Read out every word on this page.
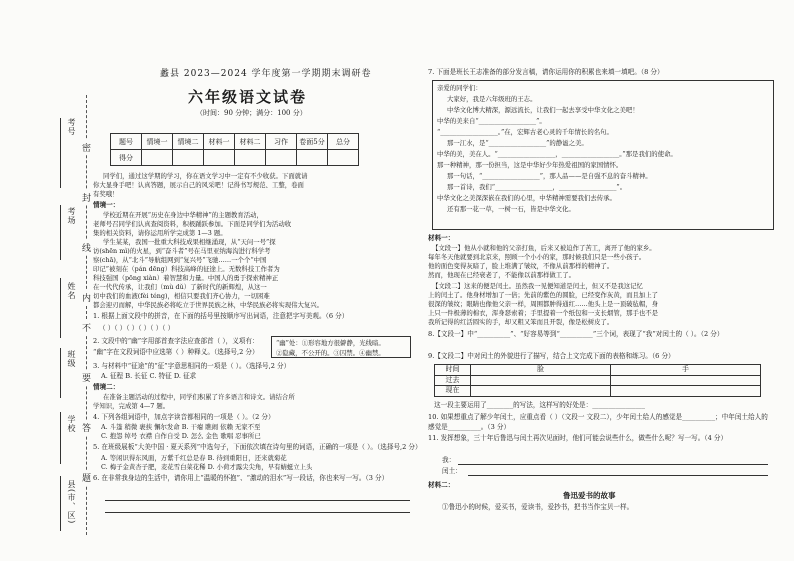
考号
考场
姓名
班级
学校
县(市、区)
密
封
线
内
不
要
答
题
蠡县 2023—2024 学年度第一学期期末调研卷
六年级语文试卷
（时间：90 分钟；满分：100 分）
题号	情境一	情境二	材料一	材料二	习作	卷面5分	总分
得分							
同学们，通过这学期的学习，你在语文学习中一定有不少收获。下面就请
你大显身手吧！认真答题，展示自己的风采吧！记得书写规范、工整，卷面
有奖哦！
情境一：
学校近期在开展“历史在身边中华精神”的主题教育活动，
老师号召同学们认真查阅资料，积极踊跃参加。下面是同学们为活动收
集的相关资料，请你运用所学完成第 1—3 题。
学生某某，我国一批重大科技成果相继涌现，从“天问一号”探
访(shēn mì)的火星，到“奋斗者”号在马里亚纳海沟进行科学考
察(chā)，从“北斗”导航组网到“复兴号”飞驰……一个个“中国
印记”被刻在（pán dēng）科技高峰的征途上。无数科技工作者为
科技强国（pōng xiàn）着智慧和力量。中国人的勇于探索精神正
在一代代传承，让我们（mù dǔ）了新时代的新辉煌，从这一
切中我们的血液(fèi téng)，相信只要我们齐心协力，一切困难
都会迎刃而解，中华民族必将屹立于世界民族之林，中华民族必将实现伟大复兴。
1. 根据上面文段中的拼音，在下面的括号里按顺序写出词语，注意把字写美观。（6 分）
（ ）（ ）（ ）（ ）（ ）（ ）
2. 文段中的“幽”字用部首查字法应查部首（ ），义项有：	“幽”处：①形容地方很僻静，光线暗。
②隐藏，不公开的。③囚禁。④幽禁。
“幽”字在文段词语中应选第（ ）种释义。（选择号,2 分）
3. 与材料中“征途”的“征”字意思相同的一项是（ ）。（选择号,2 分）
A. 征程 B. 长征 C. 特征 D. 征求
情境二：
在准备主题活动的过程中，同学们积累了许多语言和诗文。请结合所
学知识，完成第 4—7 题。
4. 下列各组词语中，加点字读音都相同的一项是（ ）。（2 分）
A. 斗篷 稍微 裹挟 懈尔发命 B. 干瘪 瞧闹 依赖 无家不至
C. 抱怨 绰号 衣襟 自作自受 D. 怎么 金色 歌唱 忍事所已
5. 在班级展板“大美中国 · 夏天系列”中选句子，下面依次填在诗句里的词语，正确的一项是（ ）。（选择号,2 分）
A. 等闲识得东风面，万紫千红总是春 B. 待到重阳日，还来就菊花
C. 梅子金黄杏子肥，麦花雪白菜花稀 D. 小荷才露尖尖角，早有蜻蜓立上头
6. 在非常我身边的生活中，请你用上“温暖的怀抱”、“激动的泪水”写一段话，你也来写一写。（3 分）
7. 下面是班长王志准备的部分发言稿，请你运用你的积累也来填一填吧。（8 分）
亲爱的同学们：
大家好，我是六年级班的王志。
中华文化博大精深，源远流长，让我们一起去享受中华文化之美吧！
中华的美来自“__________________”。
“__________________。”在，宏辉古老心灵的千年情长的名句。
那一江水，是“__________________”的静谧之美。
中华的美，美在人。“__________________，__________________。”那是我们的使命。
那一种精神，那一份担当，这是中华好少年热爱祖国的家国情怀。
那一句话，“__________________”，那人品——是自强不息的奋斗精神。
那一首诗，我们“__________________，__________________”。
中华文化之美深深嵌在我们的心里，中华精神需要我们去传承。
还有那一花一草，一树一石，皆是中华文化。
材料一：
【文段一】他从小就和他的父亲打鱼，后来又被迫作了苦工，离开了他的家乡。
每年冬天他就要到北京来，照顾一个小小的家，那时候我们只是一些小孩子。
他的面色变得灰暗了，脸上堆满了皱纹，不像从前那样的精神了。
然而，他现在已经衰老了，不能像以前那样做工了。
【文段二】这来的便是闰土。虽然我一见便知道是闰土，但又不是我这记忆
上的闰土了。他身材增加了一倍；先前的紫色的圆脸，已经变作灰黄，而且加上了
很深的皱纹；眼睛也像他父亲一样，周围都肿得通红……他头上是一顶破毡帽，身
上只一件极薄的棉衣，浑身瑟索着；手里提着一个纸包和一支长烟管，那手也不是
我所记得的红活圆实的手，却又粗又笨而且开裂，像是松树皮了。
8.【文段一】中“__________”、“好容易等到“__________”三个词，表现了“我”对闰土的（ ）。（2 分）
9.【文段二】中对闰土的外貌进行了描写，结合上文完成下面的表格和练习。（6 分）
时间	脸	手
过去		
现在		
这一段主要运用了________的写法，这样写的好处是：________________
10. 如果想重点了解少年闰土，应重点看（ ）（文段一 文段二），少年闰土给人的感觉是__________；中年闰土给人的感觉是__________。（3 分）
11. 发挥想象，三十年后鲁迅与闰土再次见面时，他们可能会说些什么，做些什么呢？写一写。（4 分）
我：
闰土：
材料二：
鲁迅爱书的故事
①鲁迅小的时候，爱买书，爱读书，爱抄书，把书当作宝贝一样。
